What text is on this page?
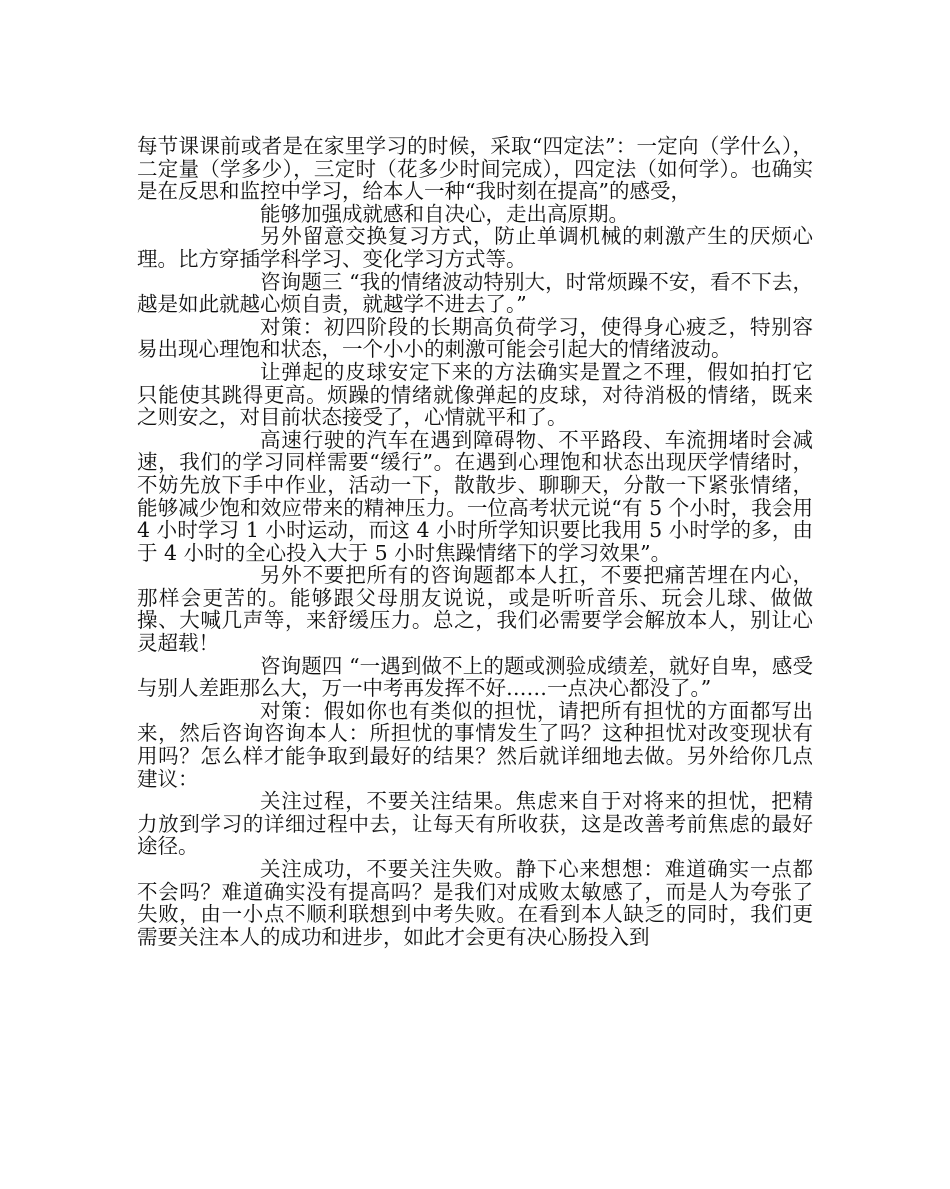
每节课课前或者是在家里学习的时候，采取“四定法”：一定向（学什么），二定量（学多少），三定时（花多少时间完成），四定法（如何学）。也确实是在反思和监控中学习，给本人一种“我时刻在提高”的感受，

能够加强成就感和自决心，走出高原期。

另外留意交换复习方式，防止单调机械的刺激产生的厌烦心理。比方穿插学科学习、变化学习方式等。

咨询题三 “我的情绪波动特别大，时常烦躁不安，看不下去，越是如此就越心烦自责，就越学不进去了。”

对策：初四阶段的长期高负荷学习，使得身心疲乏，特别容易出现心理饱和状态，一个小小的刺激可能会引起大的情绪波动。

让弹起的皮球安定下来的方法确实是置之不理，假如拍打它只能使其跳得更高。烦躁的情绪就像弹起的皮球，对待消极的情绪，既来之则安之，对目前状态接受了，心情就平和了。

高速行驶的汽车在遇到障碍物、不平路段、车流拥堵时会减速，我们的学习同样需要“缓行”。在遇到心理饱和状态出现厌学情绪时，不妨先放下手中作业，活动一下，散散步、聊聊天，分散一下紧张情绪，能够减少饱和效应带来的精神压力。一位高考状元说“有 5 个小时，我会用 4 小时学习 1 小时运动，而这 4 小时所学知识要比我用 5 小时学的多，由于 4 小时的全心投入大于 5 小时焦躁情绪下的学习效果”。

另外不要把所有的咨询题都本人扛，不要把痛苦埋在内心，那样会更苦的。能够跟父母朋友说说，或是听听音乐、玩会儿球、做做操、大喊几声等，来舒缓压力。总之，我们必需要学会解放本人，别让心灵超载！

咨询题四 “一遇到做不上的题或测验成绩差，就好自卑，感受与别人差距那么大，万一中考再发挥不好……一点决心都没了。”

对策：假如你也有类似的担忧，请把所有担忧的方面都写出来，然后咨询咨询本人：所担忧的事情发生了吗？这种担忧对改变现状有用吗？怎么样才能争取到最好的结果？然后就详细地去做。另外给你几点建议：

关注过程，不要关注结果。焦虑来自于对将来的担忧，把精力放到学习的详细过程中去，让每天有所收获，这是改善考前焦虑的最好途径。

关注成功，不要关注失败。静下心来想想：难道确实一点都不会吗？难道确实没有提高吗？是我们对成败太敏感了，而是人为夸张了失败，由一小点不顺利联想到中考失败。在看到本人缺乏的同时，我们更需要关注本人的成功和进步，如此才会更有决心肠投入到
